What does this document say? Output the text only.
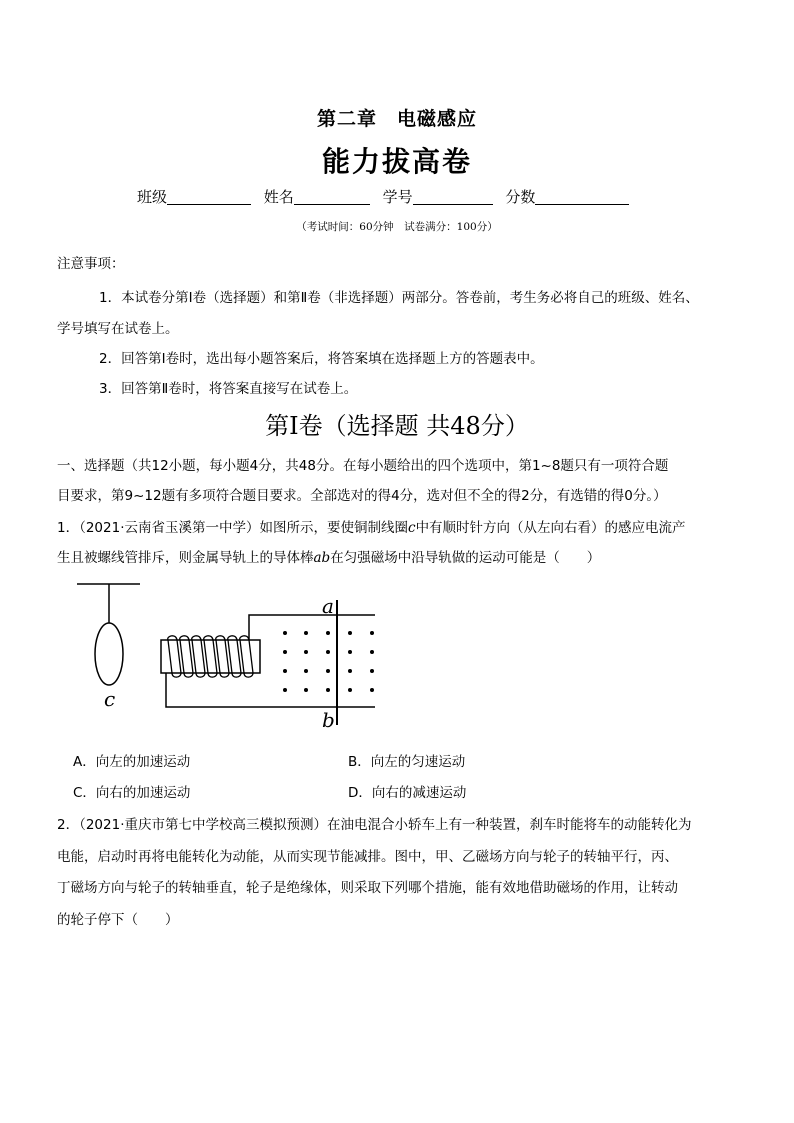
第二章　电磁感应
能力拔高卷
班级	姓名	学号	分数
（考试时间：60分钟　试卷满分：100分）
注意事项：
1．本试卷分第Ⅰ卷（选择题）和第Ⅱ卷（非选择题）两部分。答卷前，考生务必将自己的班级、姓名、
学号填写在试卷上。
2．回答第Ⅰ卷时，选出每小题答案后，将答案填在选择题上方的答题表中。
3．回答第Ⅱ卷时，将答案直接写在试卷上。
第Ⅰ卷（选择题 共48分）
一、选择题（共12小题，每小题4分，共48分。在每小题给出的四个选项中，第1~8题只有一项符合题
目要求，第9~12题有多项符合题目要求。全部选对的得4分，选对但不全的得2分，有选错的得0分。）
1．（2021·云南省玉溪第一中学）如图所示，要使铜制线圈c中有顺时针方向（从左向右看）的感应电流产
生且被螺线管排斥，则金属导轨上的导体棒ab在匀强磁场中沿导轨做的运动可能是（　　）
c
a
b
A．向左的加速运动	B．向左的匀速运动
C．向右的加速运动	D．向右的减速运动
2．（2021·重庆市第七中学校高三模拟预测）在油电混合小轿车上有一种装置，刹车时能将车的动能转化为
电能，启动时再将电能转化为动能，从而实现节能减排。图中，甲、乙磁场方向与轮子的转轴平行，丙、
丁磁场方向与轮子的转轴垂直，轮子是绝缘体，则采取下列哪个措施，能有效地借助磁场的作用，让转动
的轮子停下（　　）
